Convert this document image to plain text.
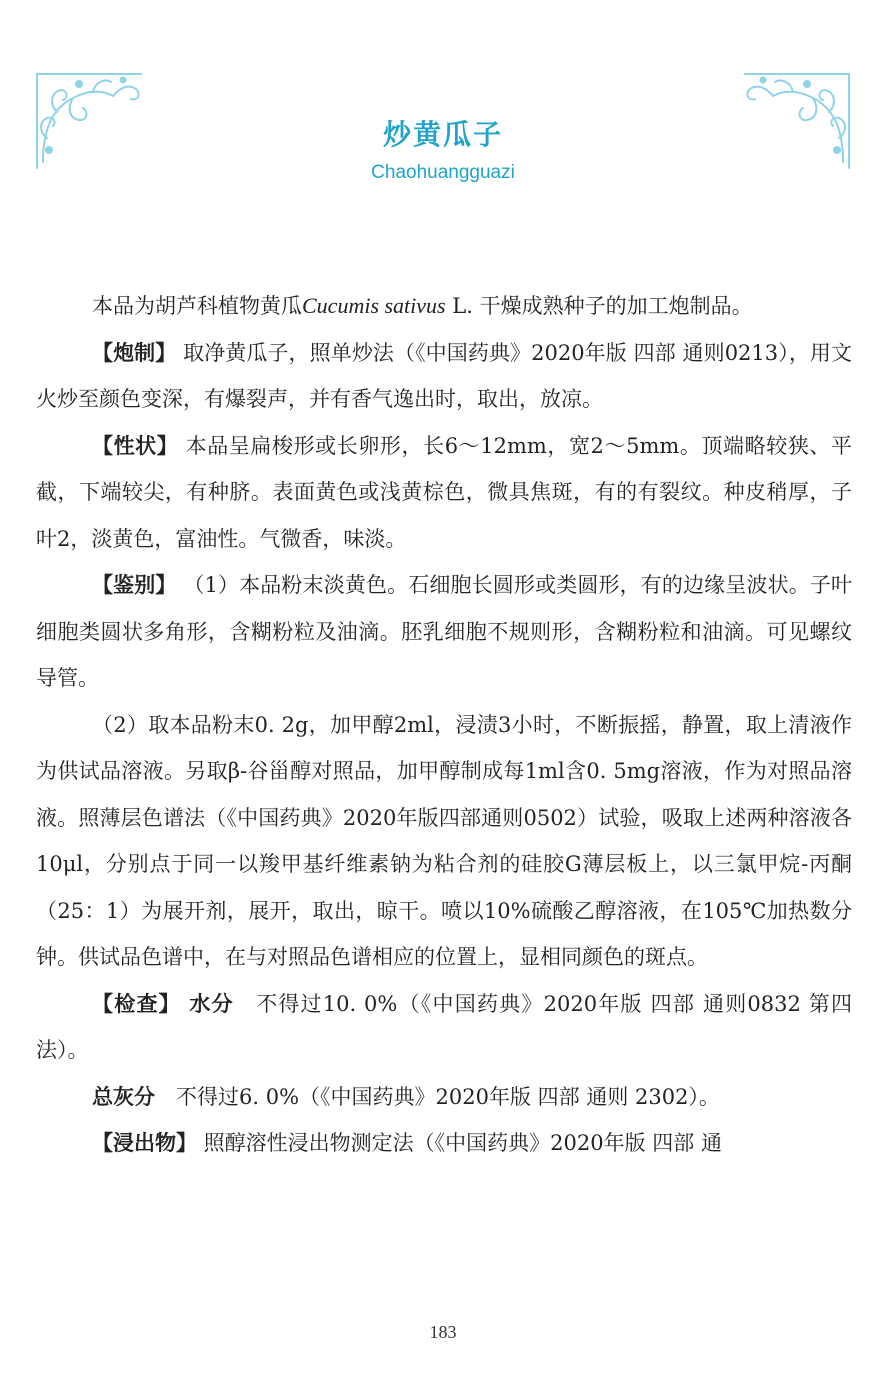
炒黄瓜子
Chaohuangguazi

本品为胡芦科植物黄瓜Cucumis sativus L. 干燥成熟种子的加工炮制品。

【炮制】 取净黄瓜子，照单炒法（《中国药典》2020年版 四部 通则0213），用文火炒至颜色变深，有爆裂声，并有香气逸出时，取出，放凉。

【性状】 本品呈扁梭形或长卵形，长6～12mm，宽2～5mm。顶端略较狭、平截，下端较尖，有种脐。表面黄色或浅黄棕色，微具焦斑，有的有裂纹。种皮稍厚，子叶2，淡黄色，富油性。气微香，味淡。

【鉴别】 （1）本品粉末淡黄色。石细胞长圆形或类圆形，有的边缘呈波状。子叶细胞类圆状多角形，含糊粉粒及油滴。胚乳细胞不规则形，含糊粉粒和油滴。可见螺纹导管。

（2）取本品粉末0. 2g，加甲醇2ml，浸渍3小时，不断振摇，静置，取上清液作为供试品溶液。另取β-谷甾醇对照品，加甲醇制成每1ml含0. 5mg溶液，作为对照品溶液。照薄层色谱法（《中国药典》2020年版四部通则0502）试验，吸取上述两种溶液各10μl，分别点于同一以羧甲基纤维素钠为粘合剂的硅胶G薄层板上，以三氯甲烷-丙酮（25：1）为展开剂，展开，取出，晾干。喷以10%硫酸乙醇溶液，在105℃加热数分钟。供试品色谱中，在与对照品色谱相应的位置上，显相同颜色的斑点。

【检查】 水分　不得过10. 0%（《中国药典》2020年版 四部 通则0832 第四法）。

总灰分　不得过6. 0%（《中国药典》2020年版 四部 通则 2302）。

【浸出物】 照醇溶性浸出物测定法（《中国药典》2020年版 四部 通

183
